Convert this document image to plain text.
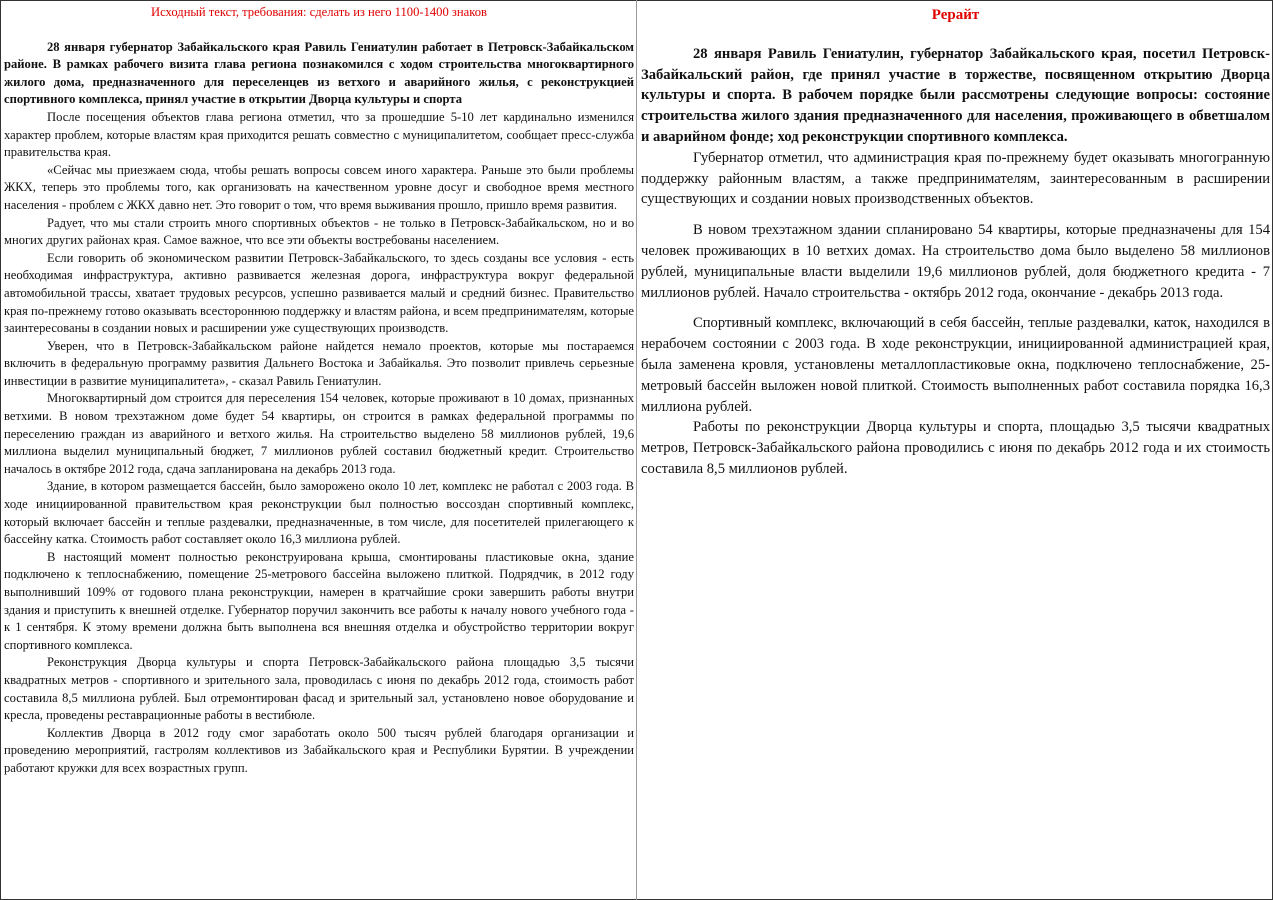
Исходный текст, требования: сделать из него 1100-1400 знаков

28 января губернатор Забайкальского края Равиль Гениатулин работает в Петровск-Забайкальском районе. В рамках рабочего визита глава региона познакомился с ходом строительства многоквартирного жилого дома, предназначенного для переселенцев из ветхого и аварийного жилья, с реконструкцией спортивного комплекса, принял участие в открытии Дворца культуры и спорта

После посещения объектов глава региона отметил, что за прошедшие 5-10 лет кардинально изменился характер проблем, которые властям края приходится решать совместно с муниципалитетом, сообщает пресс-служба правительства края.

«Сейчас мы приезжаем сюда, чтобы решать вопросы совсем иного характера. Раньше это были проблемы ЖКХ, теперь это проблемы того, как организовать на качественном уровне досуг и свободное время местного населения - проблем с ЖКХ давно нет. Это говорит о том, что время выживания прошло, пришло время развития.

Радует, что мы стали строить много спортивных объектов - не только в Петровск-Забайкальском, но и во многих других районах края. Самое важное, что все эти объекты востребованы населением.

Если говорить об экономическом развитии Петровск-Забайкальского, то здесь созданы все условия - есть необходимая инфраструктура, активно развивается железная дорога, инфраструктура вокруг федеральной автомобильной трассы, хватает трудовых ресурсов, успешно развивается малый и средний бизнес. Правительство края по-прежнему готово оказывать всестороннюю поддержку и властям района, и всем предпринимателям, которые заинтересованы в создании новых и расширении уже существующих производств.

Уверен, что в Петровск-Забайкальском районе найдется немало проектов, которые мы постараемся включить в федеральную программу развития Дальнего Востока и Забайкалья. Это позволит привлечь серьезные инвестиции в развитие муниципалитета», - сказал Равиль Гениатулин.

Многоквартирный дом строится для переселения 154 человек, которые проживают в 10 домах, признанных ветхими. В новом трехэтажном доме будет 54 квартиры, он строится в рамках федеральной программы по переселению граждан из аварийного и ветхого жилья. На строительство выделено 58 миллионов рублей, 19,6 миллиона выделил муниципальный бюджет, 7 миллионов рублей составил бюджетный кредит. Строительство началось в октябре 2012 года, сдача запланирована на декабрь 2013 года.

Здание, в котором размещается бассейн, было заморожено около 10 лет, комплекс не работал с 2003 года. В ходе инициированной правительством края реконструкции был полностью воссоздан спортивный комплекс, который включает бассейн и теплые раздевалки, предназначенные, в том числе, для посетителей прилегающего к бассейну катка. Стоимость работ составляет около 16,3 миллиона рублей.

В настоящий момент полностью реконструирована крыша, смонтированы пластиковые окна, здание подключено к теплоснабжению, помещение 25-метрового бассейна выложено плиткой. Подрядчик, в 2012 году выполнивший 109% от годового плана реконструкции, намерен в кратчайшие сроки завершить работы внутри здания и приступить к внешней отделке. Губернатор поручил закончить все работы к началу нового учебного года - к 1 сентября. К этому времени должна быть выполнена вся внешняя отделка и обустройство территории вокруг спортивного комплекса.

Реконструкция Дворца культуры и спорта Петровск-Забайкальского района площадью 3,5 тысячи квадратных метров - спортивного и зрительного зала, проводилась с июня по декабрь 2012 года, стоимость работ составила 8,5 миллиона рублей. Был отремонтирован фасад и зрительный зал, установлено новое оборудование и кресла, проведены реставрационные работы в вестибюле.

Коллектив Дворца в 2012 году смог заработать около 500 тысяч рублей благодаря организации и проведению мероприятий, гастролям коллективов из Забайкальского края и Республики Бурятии. В учреждении работают кружки для всех возрастных групп.

Рерайт

28 января Равиль Гениатулин, губернатор Забайкальского края, посетил Петровск-Забайкальский район, где принял участие в торжестве, посвященном открытию Дворца культуры и спорта. В рабочем порядке были рассмотрены следующие вопросы: состояние строительства жилого здания предназначенного для населения, проживающего в обветшалом и аварийном фонде; ход реконструкции спортивного комплекса.

Губернатор отметил, что администрация края по-прежнему будет оказывать многогранную поддержку районным властям, а также предпринимателям, заинтересованным в расширении существующих и создании новых производственных объектов.

В новом трехэтажном здании спланировано 54 квартиры, которые предназначены для 154 человек проживающих в 10 ветхих домах. На строительство дома было выделено 58 миллионов рублей, муниципальные власти выделили 19,6 миллионов рублей, доля бюджетного кредита - 7 миллионов рублей. Начало строительства - октябрь 2012 года, окончание - декабрь 2013 года.

Спортивный комплекс, включающий в себя бассейн, теплые раздевалки, каток, находился в нерабочем состоянии с 2003 года. В ходе реконструкции, инициированной администрацией края, была заменена кровля, установлены металлопластиковые окна, подключено теплоснабжение, 25-метровый бассейн выложен новой плиткой. Стоимость выполненных работ составила порядка 16,3 миллиона рублей.

Работы по реконструкции Дворца культуры и спорта, площадью 3,5 тысячи квадратных метров, Петровск-Забайкальского района проводились с июня по декабрь 2012 года и их стоимость составила 8,5 миллионов рублей.
